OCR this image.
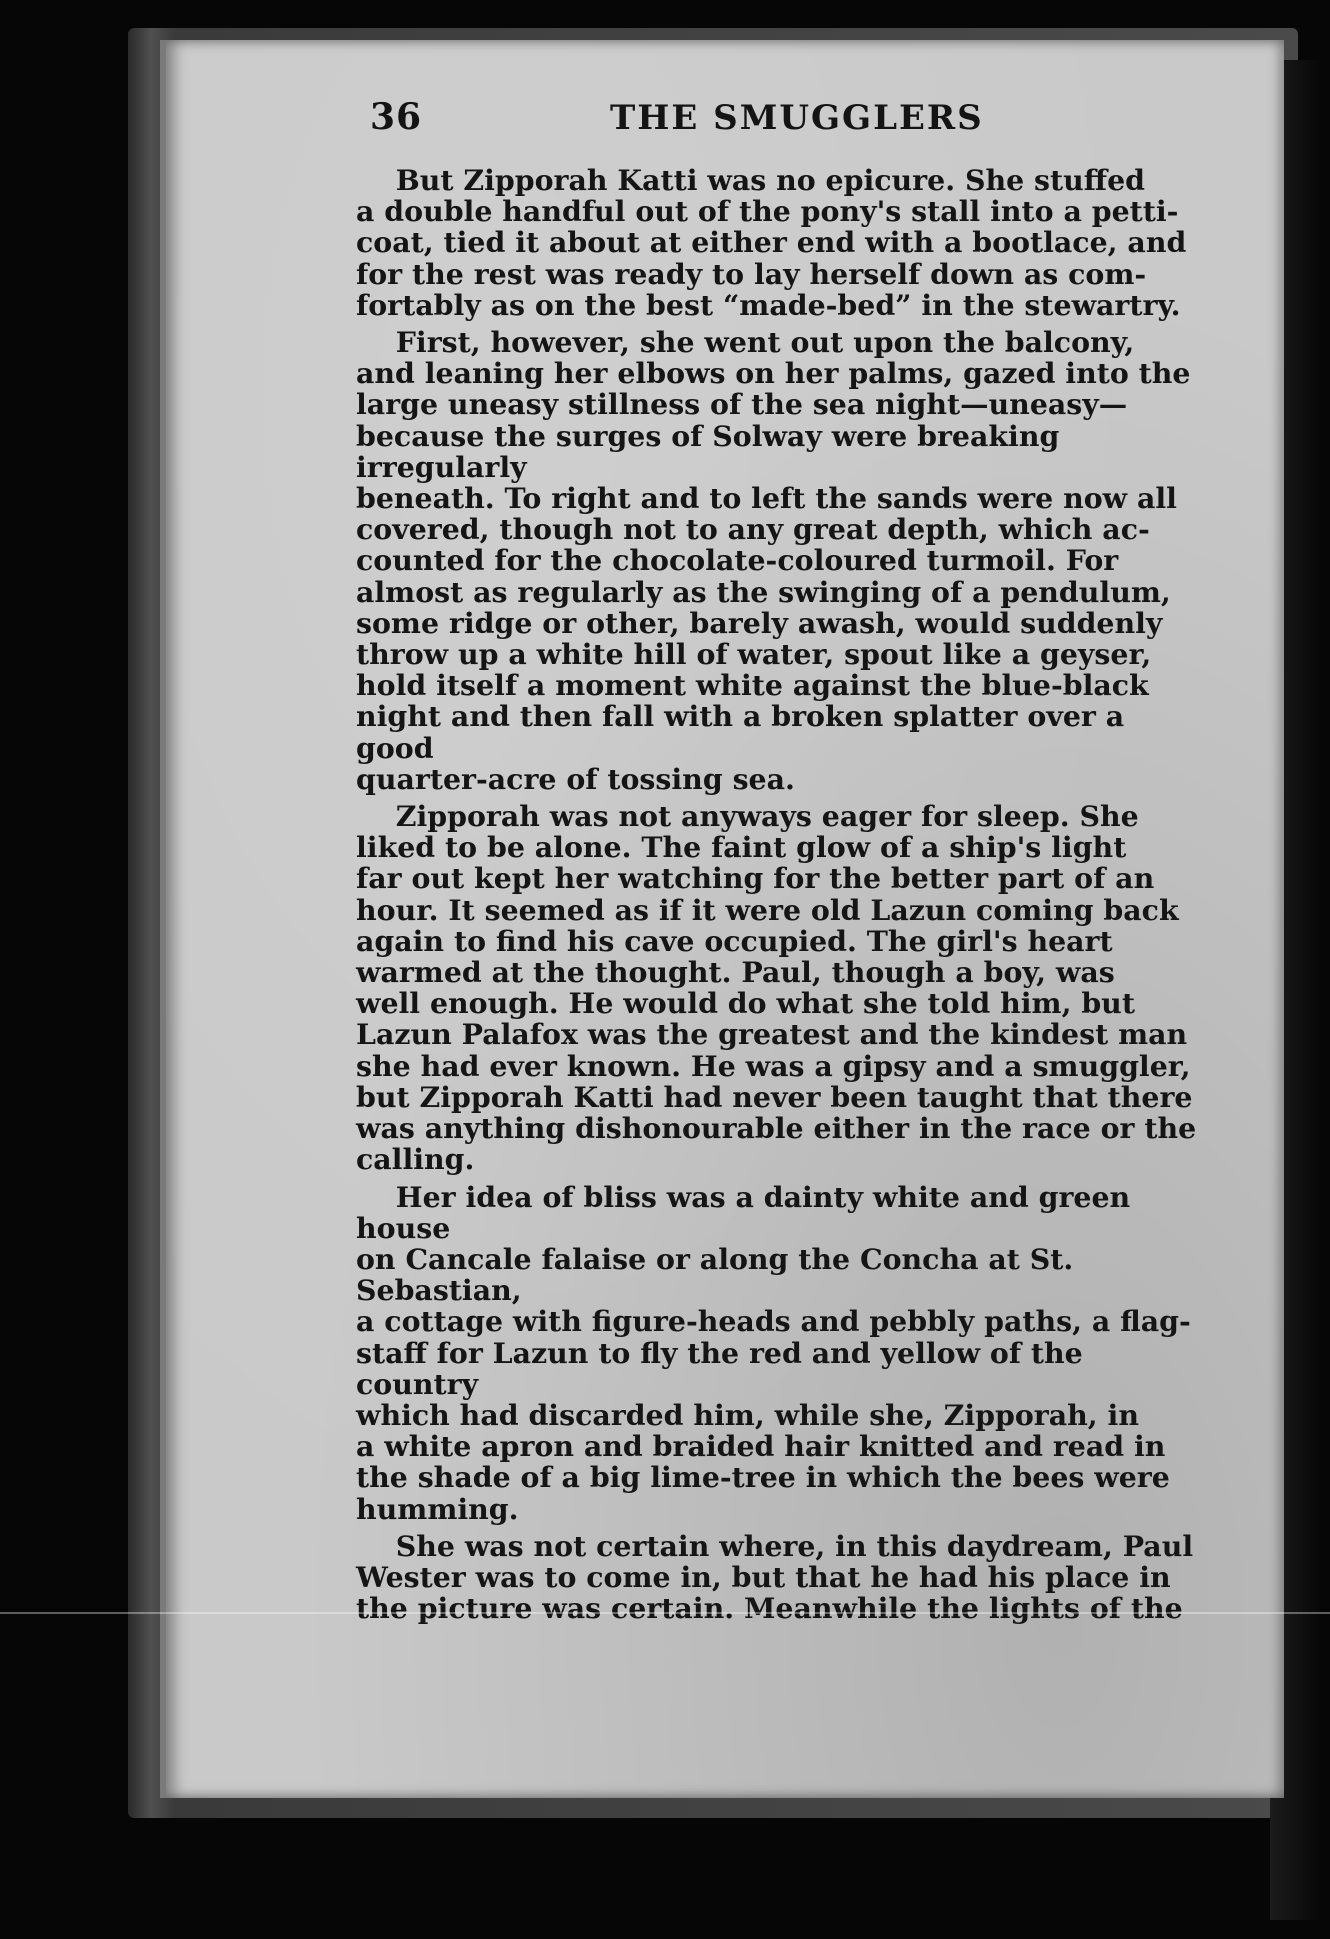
36	THE SMUGGLERS

But Zipporah Katti was no epicure. She stuffed
a double handful out of the pony's stall into a petti-
coat, tied it about at either end with a bootlace, and
for the rest was ready to lay herself down as com-
fortably as on the best “made-bed” in the stewartry.

First, however, she went out upon the balcony,
and leaning her elbows on her palms, gazed into the
large uneasy stillness of the sea night—uneasy—
because the surges of Solway were breaking irregularly
beneath. To right and to left the sands were now all
covered, though not to any great depth, which ac-
counted for the chocolate-coloured turmoil. For
almost as regularly as the swinging of a pendulum,
some ridge or other, barely awash, would suddenly
throw up a white hill of water, spout like a geyser,
hold itself a moment white against the blue-black
night and then fall with a broken splatter over a good
quarter-acre of tossing sea.

Zipporah was not anyways eager for sleep. She
liked to be alone. The faint glow of a ship's light
far out kept her watching for the better part of an
hour. It seemed as if it were old Lazun coming back
again to find his cave occupied. The girl's heart
warmed at the thought. Paul, though a boy, was
well enough. He would do what she told him, but
Lazun Palafox was the greatest and the kindest man
she had ever known. He was a gipsy and a smuggler,
but Zipporah Katti had never been taught that there
was anything dishonourable either in the race or the
calling.

Her idea of bliss was a dainty white and green house
on Cancale falaise or along the Concha at St. Sebastian,
a cottage with figure-heads and pebbly paths, a flag-
staff for Lazun to fly the red and yellow of the country
which had discarded him, while she, Zipporah, in
a white apron and braided hair knitted and read in
the shade of a big lime-tree in which the bees were
humming.

She was not certain where, in this daydream, Paul
Wester was to come in, but that he had his place in
the picture was certain. Meanwhile the lights of the
